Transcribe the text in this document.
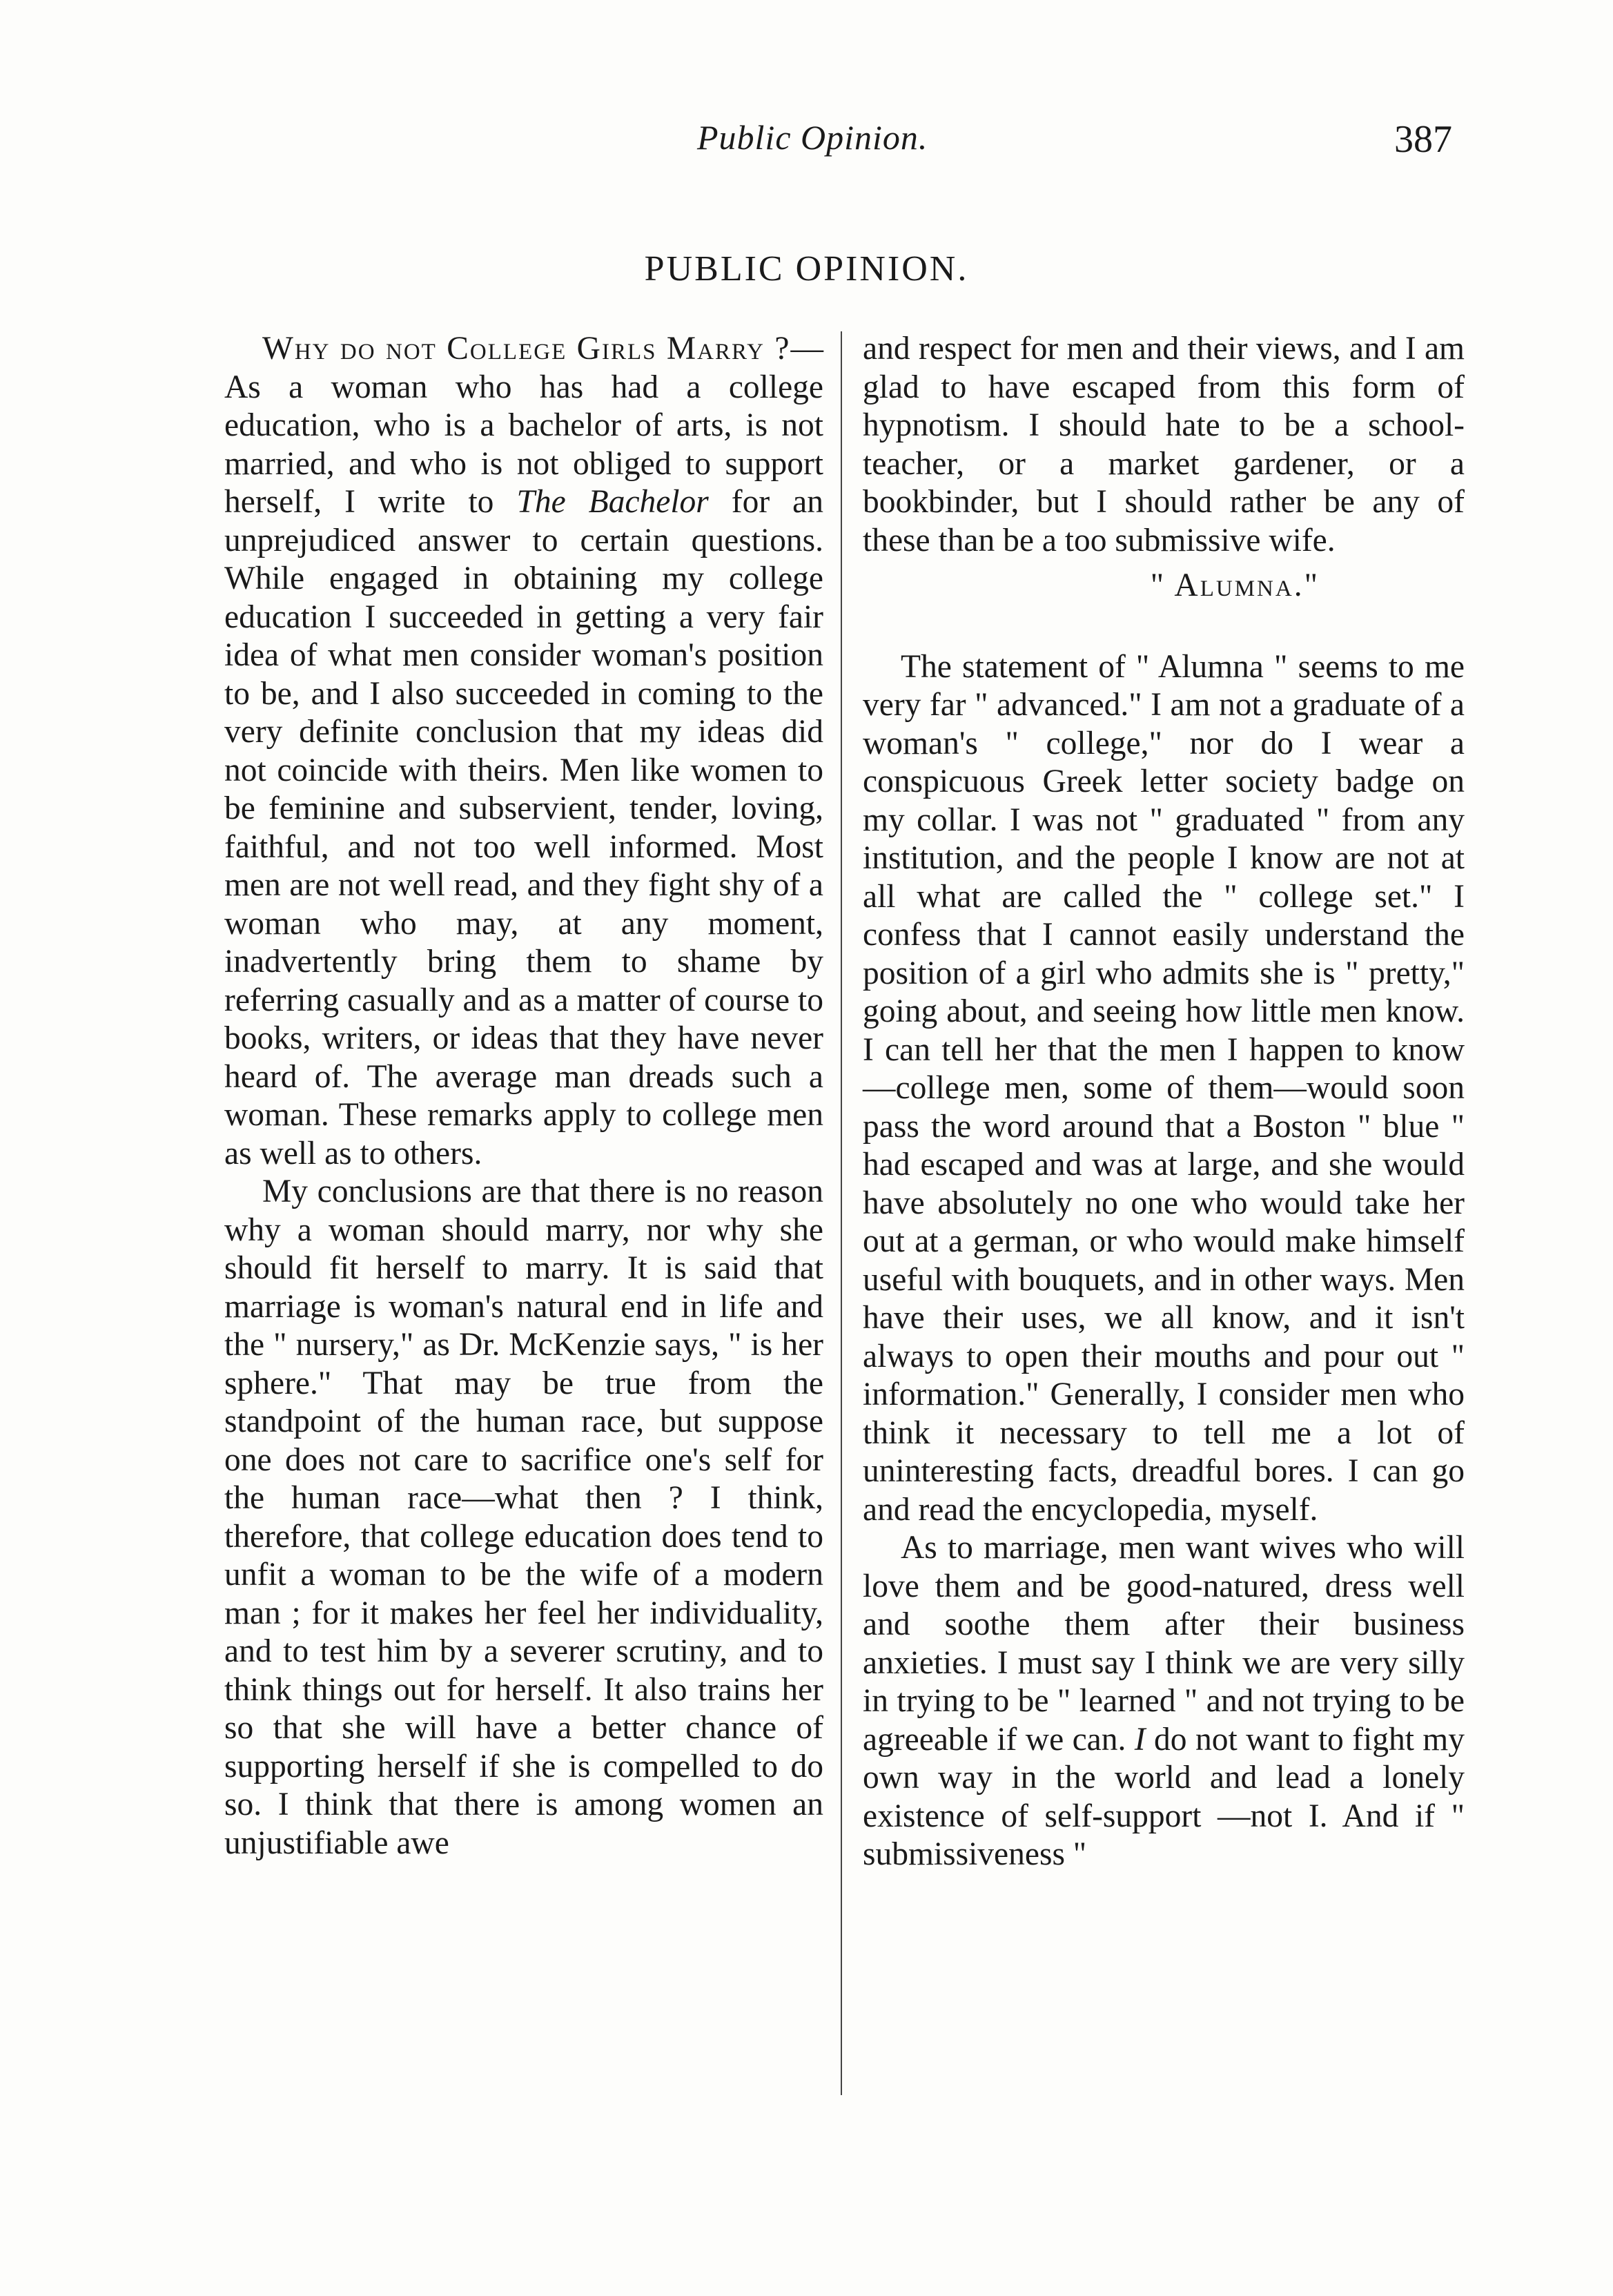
Public Opinion.	387
PUBLIC OPINION.

Why do not College Girls Marry ?—As a woman who has had a college education, who is a bachelor of arts, is not married, and who is not obliged to support herself, I write to The Bachelor for an unprejudiced answer to certain questions. While engaged in obtaining my college education I succeeded in getting a very fair idea of what men consider woman's position to be, and I also succeeded in coming to the very definite conclusion that my ideas did not coincide with theirs. Men like women to be feminine and subservient, tender, loving, faithful, and not too well informed. Most men are not well read, and they fight shy of a woman who may, at any moment, inadvertently bring them to shame by referring casually and as a matter of course to books, writers, or ideas that they have never heard of. The average man dreads such a woman. These remarks apply to college men as well as to others.

My conclusions are that there is no reason why a woman should marry, nor why she should fit herself to marry. It is said that marriage is woman's natural end in life and the " nursery," as Dr. McKenzie says, " is her sphere." That may be true from the standpoint of the human race, but suppose one does not care to sacrifice one's self for the human race—what then ? I think, therefore, that college education does tend to unfit a woman to be the wife of a modern man ; for it makes her feel her individuality, and to test him by a severer scrutiny, and to think things out for herself. It also trains her so that she will have a better chance of supporting herself if she is compelled to do so. I think that there is among women an unjustifiable awe

and respect for men and their views, and I am glad to have escaped from this form of hypnotism. I should hate to be a school-teacher, or a market gardener, or a bookbinder, but I should rather be any of these than be a too submissive wife.

" Alumna."

The statement of " Alumna " seems to me very far " advanced." I am not a graduate of a woman's " college," nor do I wear a conspicuous Greek letter society badge on my collar. I was not " graduated " from any institution, and the people I know are not at all what are called the " college set." I confess that I cannot easily understand the position of a girl who admits she is " pretty," going about, and seeing how little men know. I can tell her that the men I happen to know—college men, some of them—would soon pass the word around that a Boston " blue " had escaped and was at large, and she would have absolutely no one who would take her out at a german, or who would make himself useful with bouquets, and in other ways. Men have their uses, we all know, and it isn't always to open their mouths and pour out " information." Generally, I consider men who think it necessary to tell me a lot of uninteresting facts, dreadful bores. I can go and read the encyclopedia, myself.

As to marriage, men want wives who will love them and be good-natured, dress well and soothe them after their business anxieties. I must say I think we are very silly in trying to be " learned " and not trying to be agreeable if we can. I do not want to fight my own way in the world and lead a lonely existence of self-support —not I. And if " submissiveness "
